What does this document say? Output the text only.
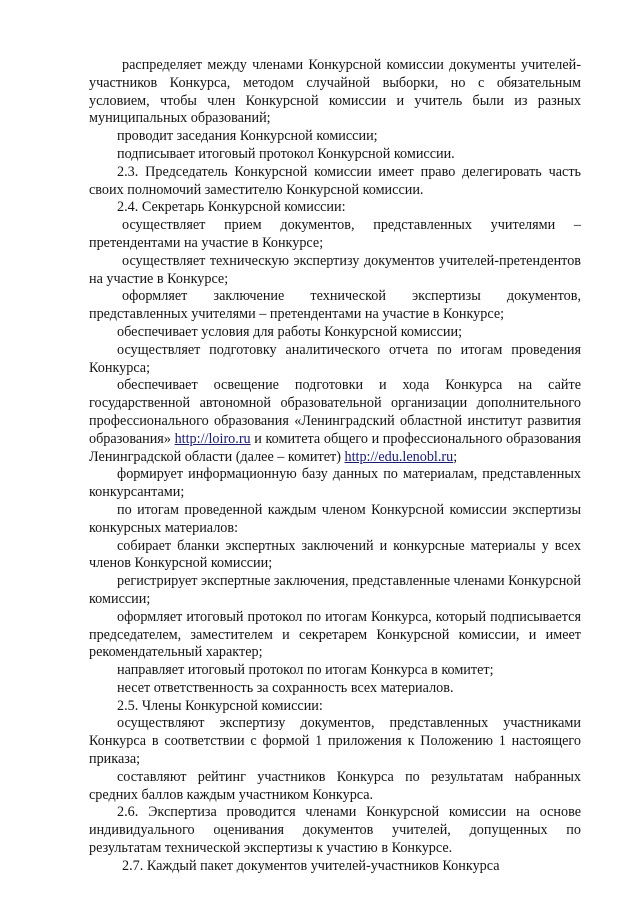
распределяет между членами Конкурсной комиссии документы учителей-участников Конкурса, методом случайной выборки, но с обязательным условием, чтобы член Конкурсной комиссии и учитель были из разных муниципальных образований;

проводит заседания Конкурсной комиссии;

подписывает итоговый протокол Конкурсной комиссии.

2.3. Председатель Конкурсной комиссии имеет право делегировать часть своих полномочий заместителю Конкурсной комиссии.

2.4. Секретарь Конкурсной комиссии:

осуществляет прием документов, представленных учителями – претендентами на участие в Конкурсе;

осуществляет техническую экспертизу документов учителей-претендентов на участие в Конкурсе;

оформляет заключение технической экспертизы документов, представленных учителями – претендентами на участие в Конкурсе;

обеспечивает условия для работы Конкурсной комиссии;

осуществляет подготовку аналитического отчета по итогам проведения Конкурса;

обеспечивает освещение подготовки и хода Конкурса на сайте государственной автономной образовательной организации дополнительного профессионального образования «Ленинградский областной институт развития образования» http://loiro.ru и комитета общего и профессионального образования Ленинградской области (далее – комитет) http://edu.lenobl.ru;

формирует информационную базу данных по материалам, представленных конкурсантами;

по итогам проведенной каждым членом Конкурсной комиссии экспертизы конкурсных материалов:

собирает бланки экспертных заключений и конкурсные материалы у всех членов Конкурсной комиссии;

регистрирует экспертные заключения, представленные членами Конкурсной комиссии;

оформляет итоговый протокол по итогам Конкурса, который подписывается председателем, заместителем и секретарем Конкурсной комиссии, и имеет рекомендательный характер;

направляет итоговый протокол по итогам Конкурса в комитет;

несет ответственность за сохранность всех материалов.

2.5. Члены Конкурсной комиссии:

осуществляют экспертизу документов, представленных участниками Конкурса в соответствии с формой 1 приложения к Положению 1 настоящего приказа;

составляют рейтинг участников Конкурса по результатам набранных средних баллов каждым участником Конкурса.

2.6. Экспертиза проводится членами Конкурсной комиссии на основе индивидуального оценивания документов учителей, допущенных по результатам технической экспертизы к участию в Конкурсе.

2.7. Каждый пакет документов учителей-участников Конкурса
